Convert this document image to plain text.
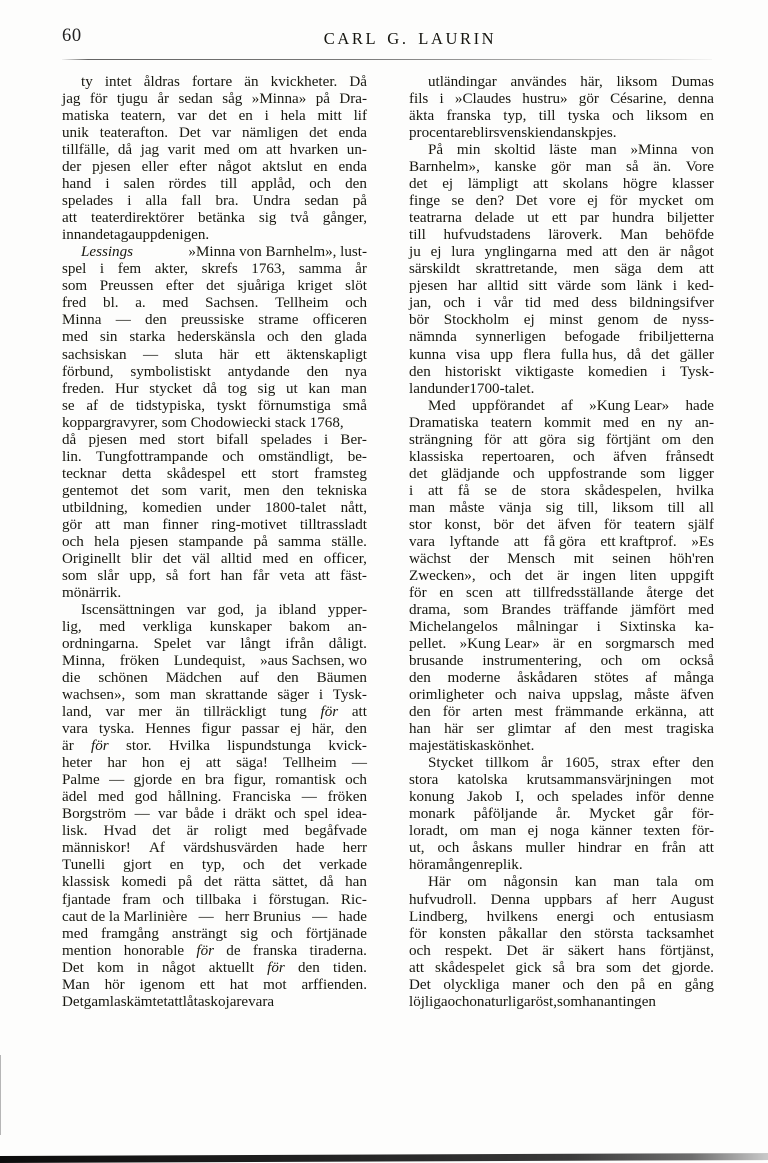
60	CARL G. LAURIN

ty intet åldras fortare än kvickheter. Då
jag för tjugu år sedan såg »Minna» på Dra-
matiska teatern, var det en i hela mitt lif
unik teaterafton. Det var nämligen det enda
tillfälle, då jag varit med om att hvarken un-
der pjesen eller efter något aktslut en enda
hand i salen rördes till applåd, och den
spelades i alla fall bra. Undra sedan på
att teaterdirektörer betänka sig två gånger,
innandetagauppdenigen.

Lessings	»Minna von Barnhelm», lust-
spel i fem akter, skrefs 1763, samma år
som Preussen efter det sjuåriga kriget slöt
fred bl. a. med Sachsen. Tellheim och
Minna — den preussiske strame officeren
med sin starka hederskänsla och den glada
sachsiskan — sluta här ett äktenskapligt
förbund, symbolistiskt antydande den nya
freden. Hur stycket då tog sig ut kan man
se af de tidstypiska, tyskt förnumstiga små
koppargravyrer, som Chodowiecki stack 1768,
då pjesen med stort bifall spelades i Ber-
lin. Tungfottrampande och omständligt, be-
tecknar detta skådespel ett stort framsteg
gentemot det som varit, men den tekniska
utbildning, komedien under 1800-talet nått,
gör att man finner ring-motivet tilltrassladt
och hela pjesen stampande på samma ställe.
Originellt blir det väl alltid med en officer,
som slår upp, så fort han får veta att fäst-
mönärrik.

Iscensättningen var god, ja ibland ypper-
lig, med verkliga kunskaper bakom an-
ordningarna. Spelet var långt ifrån dåligt.
Minna, fröken Lundequist, »aus Sachsen, wo
die schönen Mädchen auf den Bäumen
wachsen», som man skrattande säger i Tysk-
land, var mer än tillräckligt tung för att
vara tyska. Hennes figur passar ej här, den
är för stor. Hvilka lispundstunga kvick-
heter har hon ej att säga! Tellheim —
Palme — gjorde en bra figur, romantisk och
ädel med god hållning. Franciska — fröken
Borgström — var både i dräkt och spel idea-
lisk. Hvad det är roligt med begåfvade
människor! Af värdshusvärden hade herr
Tunelli gjort en typ, och det verkade
klassisk komedi på det rätta sättet, då han
fjantade fram och tillbaka i förstugan. Ric-
caut de la Marlinière — herr Brunius — hade
med framgång ansträngt sig och förtjänade
mention honorable för de franska tiraderna.
Det kom in något aktuellt för den tiden.
Man hör igenom ett hat mot arffienden.
Detgamlaskämtetattlåtaskojarevara

utländingar användes här, liksom Dumas
fils i »Claudes hustru» gör Césarine, denna
äkta franska typ, till tyska och liksom en
procentareblirsvenskiendanskpjes.

På min skoltid läste man »Minna von
Barnhelm», kanske gör man så än. Vore
det ej lämpligt att skolans högre klasser
finge se den? Det vore ej för mycket om
teatrarna delade ut ett par hundra biljetter
till hufvudstadens läroverk. Man behöfde
ju ej lura ynglingarna med att den är något
särskildt skrattretande, men säga dem att
pjesen har alltid sitt värde som länk i ked-
jan, och i vår tid med dess bildningsifver
bör Stockholm ej minst genom de nyss-
nämnda synnerligen befogade fribiljetterna
kunna visa upp flera fulla hus, då det gäller
den historiskt viktigaste komedien i Tysk-
landunder1700-talet.

Med uppförandet af »Kung Lear» hade
Dramatiska teatern kommit med en ny an-
strängning för att göra sig förtjänt om den
klassiska repertoaren, och äfven frånsedt
det glädjande och uppfostrande som ligger
i att få se de stora skådespelen, hvilka
man måste vänja sig till, liksom till all
stor konst, bör det äfven för teatern själf
vara lyftande att få göra ett kraftprof. »Es
wächst der Mensch mit seinen höh'ren
Zwecken», och det är ingen liten uppgift
för en scen att tillfredsställande återge det
drama, som Brandes träffande jämfört med
Michelangelos målningar i Sixtinska ka-
pellet. »Kung Lear» är en sorgmarsch med
brusande instrumentering, och om också
den moderne åskådaren stötes af många
orimligheter och naiva uppslag, måste äfven
den för arten mest främmande erkänna, att
han här ser glimtar af den mest tragiska
majestätiskaskönhet.

Stycket tillkom år 1605, strax efter den
stora katolska krutsammansvärjningen mot
konung Jakob I, och spelades inför denne
monark påföljande år. Mycket går för-
loradt, om man ej noga känner texten för-
ut, och åskans muller hindrar en från att
höramångenreplik.

Här om någonsin kan man tala om
hufvudroll. Denna uppbars af herr August
Lindberg, hvilkens energi och entusiasm
för konsten påkallar den största tacksamhet
och respekt. Det är säkert hans förtjänst,
att skådespelet gick så bra som det gjorde.
Det olyckliga maner och den på en gång
löjligaochonaturligaröst,somhanantingen
